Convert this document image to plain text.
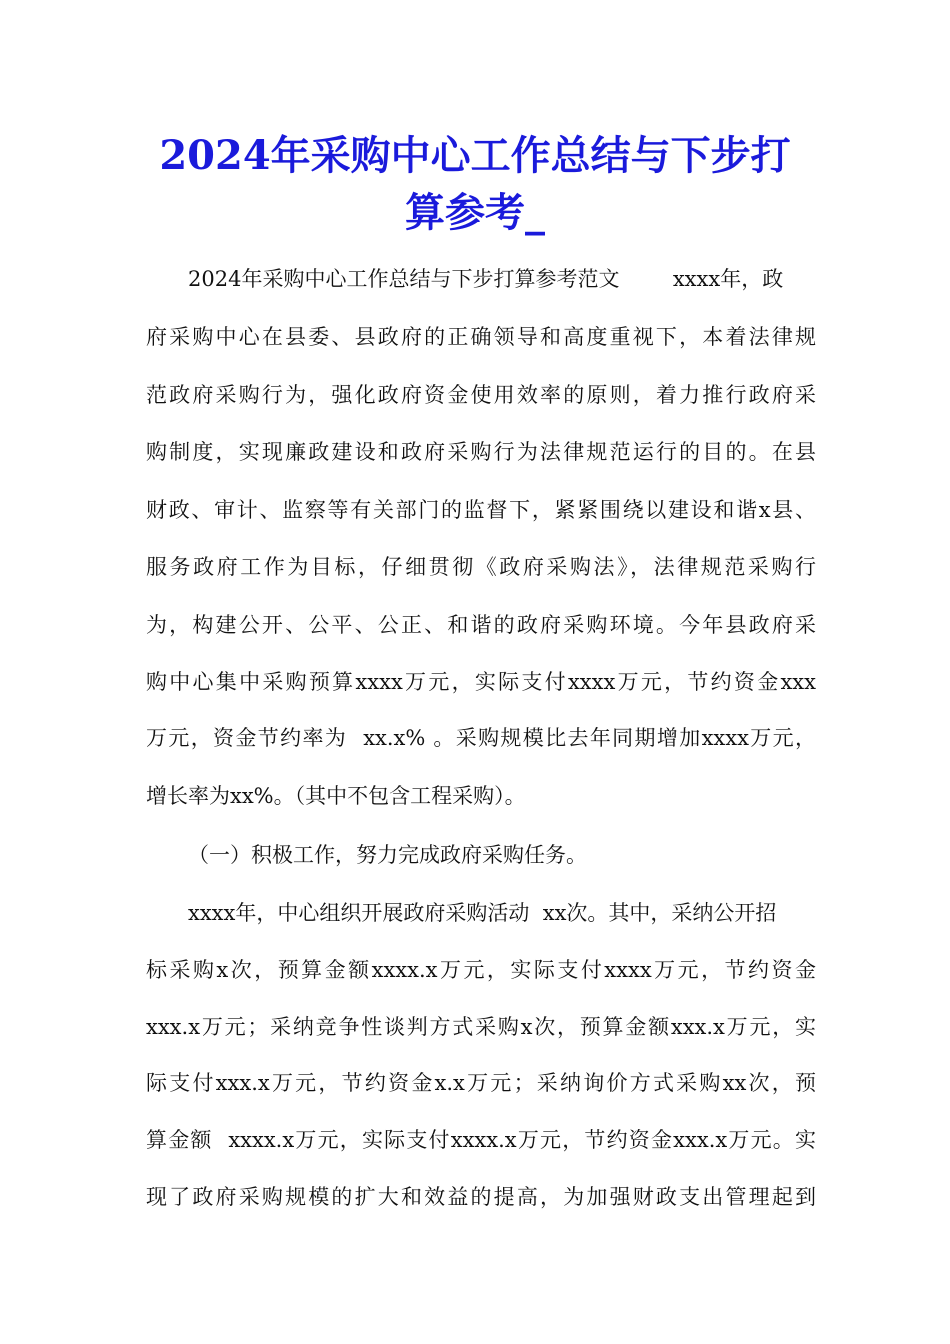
2024年采购中心工作总结与下步打
算参考_

2024年采购中心工作总结与下步打算参考范文        xxxx年，政

府采购中心在县委、县政府的正确领导和高度重视下，本着法律规

范政府采购行为，强化政府资金使用效率的原则，着力推行政府采

购制度，实现廉政建设和政府采购行为法律规范运行的目的。在县

财政、审计、监察等有关部门的监督下，紧紧围绕以建设和谐x县、

服务政府工作为目标，仔细贯彻《政府采购法》，法律规范采购行

为，构建公开、公平、公正、和谐的政府采购环境。今年县政府采

购中心集中采购预算xxxx万元，实际支付xxxx万元，节约资金xxx

万元，资金节约率为  xx.x% 。采购规模比去年同期增加xxxx万元，

增长率为xx%。（其中不包含工程采购）。

（一）积极工作，努力完成政府采购任务。

xxxx年，中心组织开展政府采购活动  xx次。其中，采纳公开招

标采购x次，预算金额xxxx.x万元，实际支付xxxx万元，节约资金

xxx.x万元；采纳竞争性谈判方式采购x次，预算金额xxx.x万元，实

际支付xxx.x万元，节约资金x.x万元；采纳询价方式采购xx次，预

算金额  xxxx.x万元，实际支付xxxx.x万元，节约资金xxx.x万元。实

现了政府采购规模的扩大和效益的提高，为加强财政支出管理起到
